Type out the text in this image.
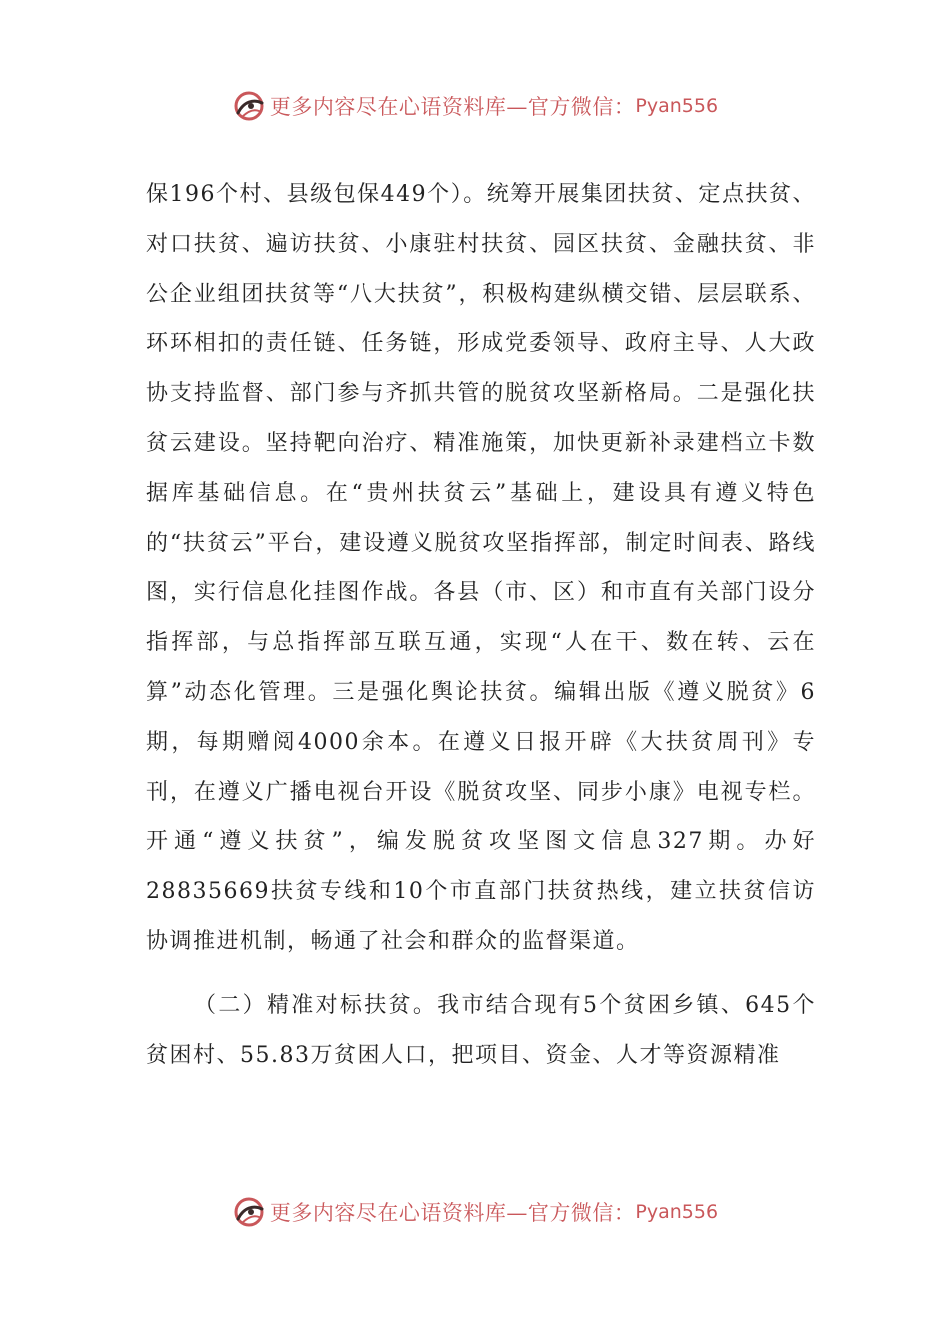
更多内容尽在心语资料库—官方微信： Pyan556

保196个村、县级包保449个）。统筹开展集团扶贫、定点扶贫、对口扶贫、遍访扶贫、小康驻村扶贫、园区扶贫、金融扶贫、非公企业组团扶贫等“八大扶贫”，积极构建纵横交错、层层联系、环环相扣的责任链、任务链，形成党委领导、政府主导、人大政协支持监督、部门参与齐抓共管的脱贫攻坚新格局。二是强化扶贫云建设。坚持靶向治疗、精准施策，加快更新补录建档立卡数据库基础信息。在“贵州扶贫云”基础上，建设具有遵义特色的“扶贫云”平台，建设遵义脱贫攻坚指挥部，制定时间表、路线图，实行信息化挂图作战。各县（市、区）和市直有关部门设分指挥部，与总指挥部互联互通，实现“人在干、数在转、云在算”动态化管理。三是强化舆论扶贫。编辑出版《遵义脱贫》6期，每期赠阅4000余本。在遵义日报开辟《大扶贫周刊》专刊，在遵义广播电视台开设《脱贫攻坚、同步小康》电视专栏。开通“遵义扶贫”，编发脱贫攻坚图文信息327期。办好28835669扶贫专线和10个市直部门扶贫热线，建立扶贫信访协调推进机制，畅通了社会和群众的监督渠道。

（二）精准对标扶贫。我市结合现有5个贫困乡镇、645个贫困村、55.83万贫困人口，把项目、资金、人才等资源精准

更多内容尽在心语资料库—官方微信： Pyan556
